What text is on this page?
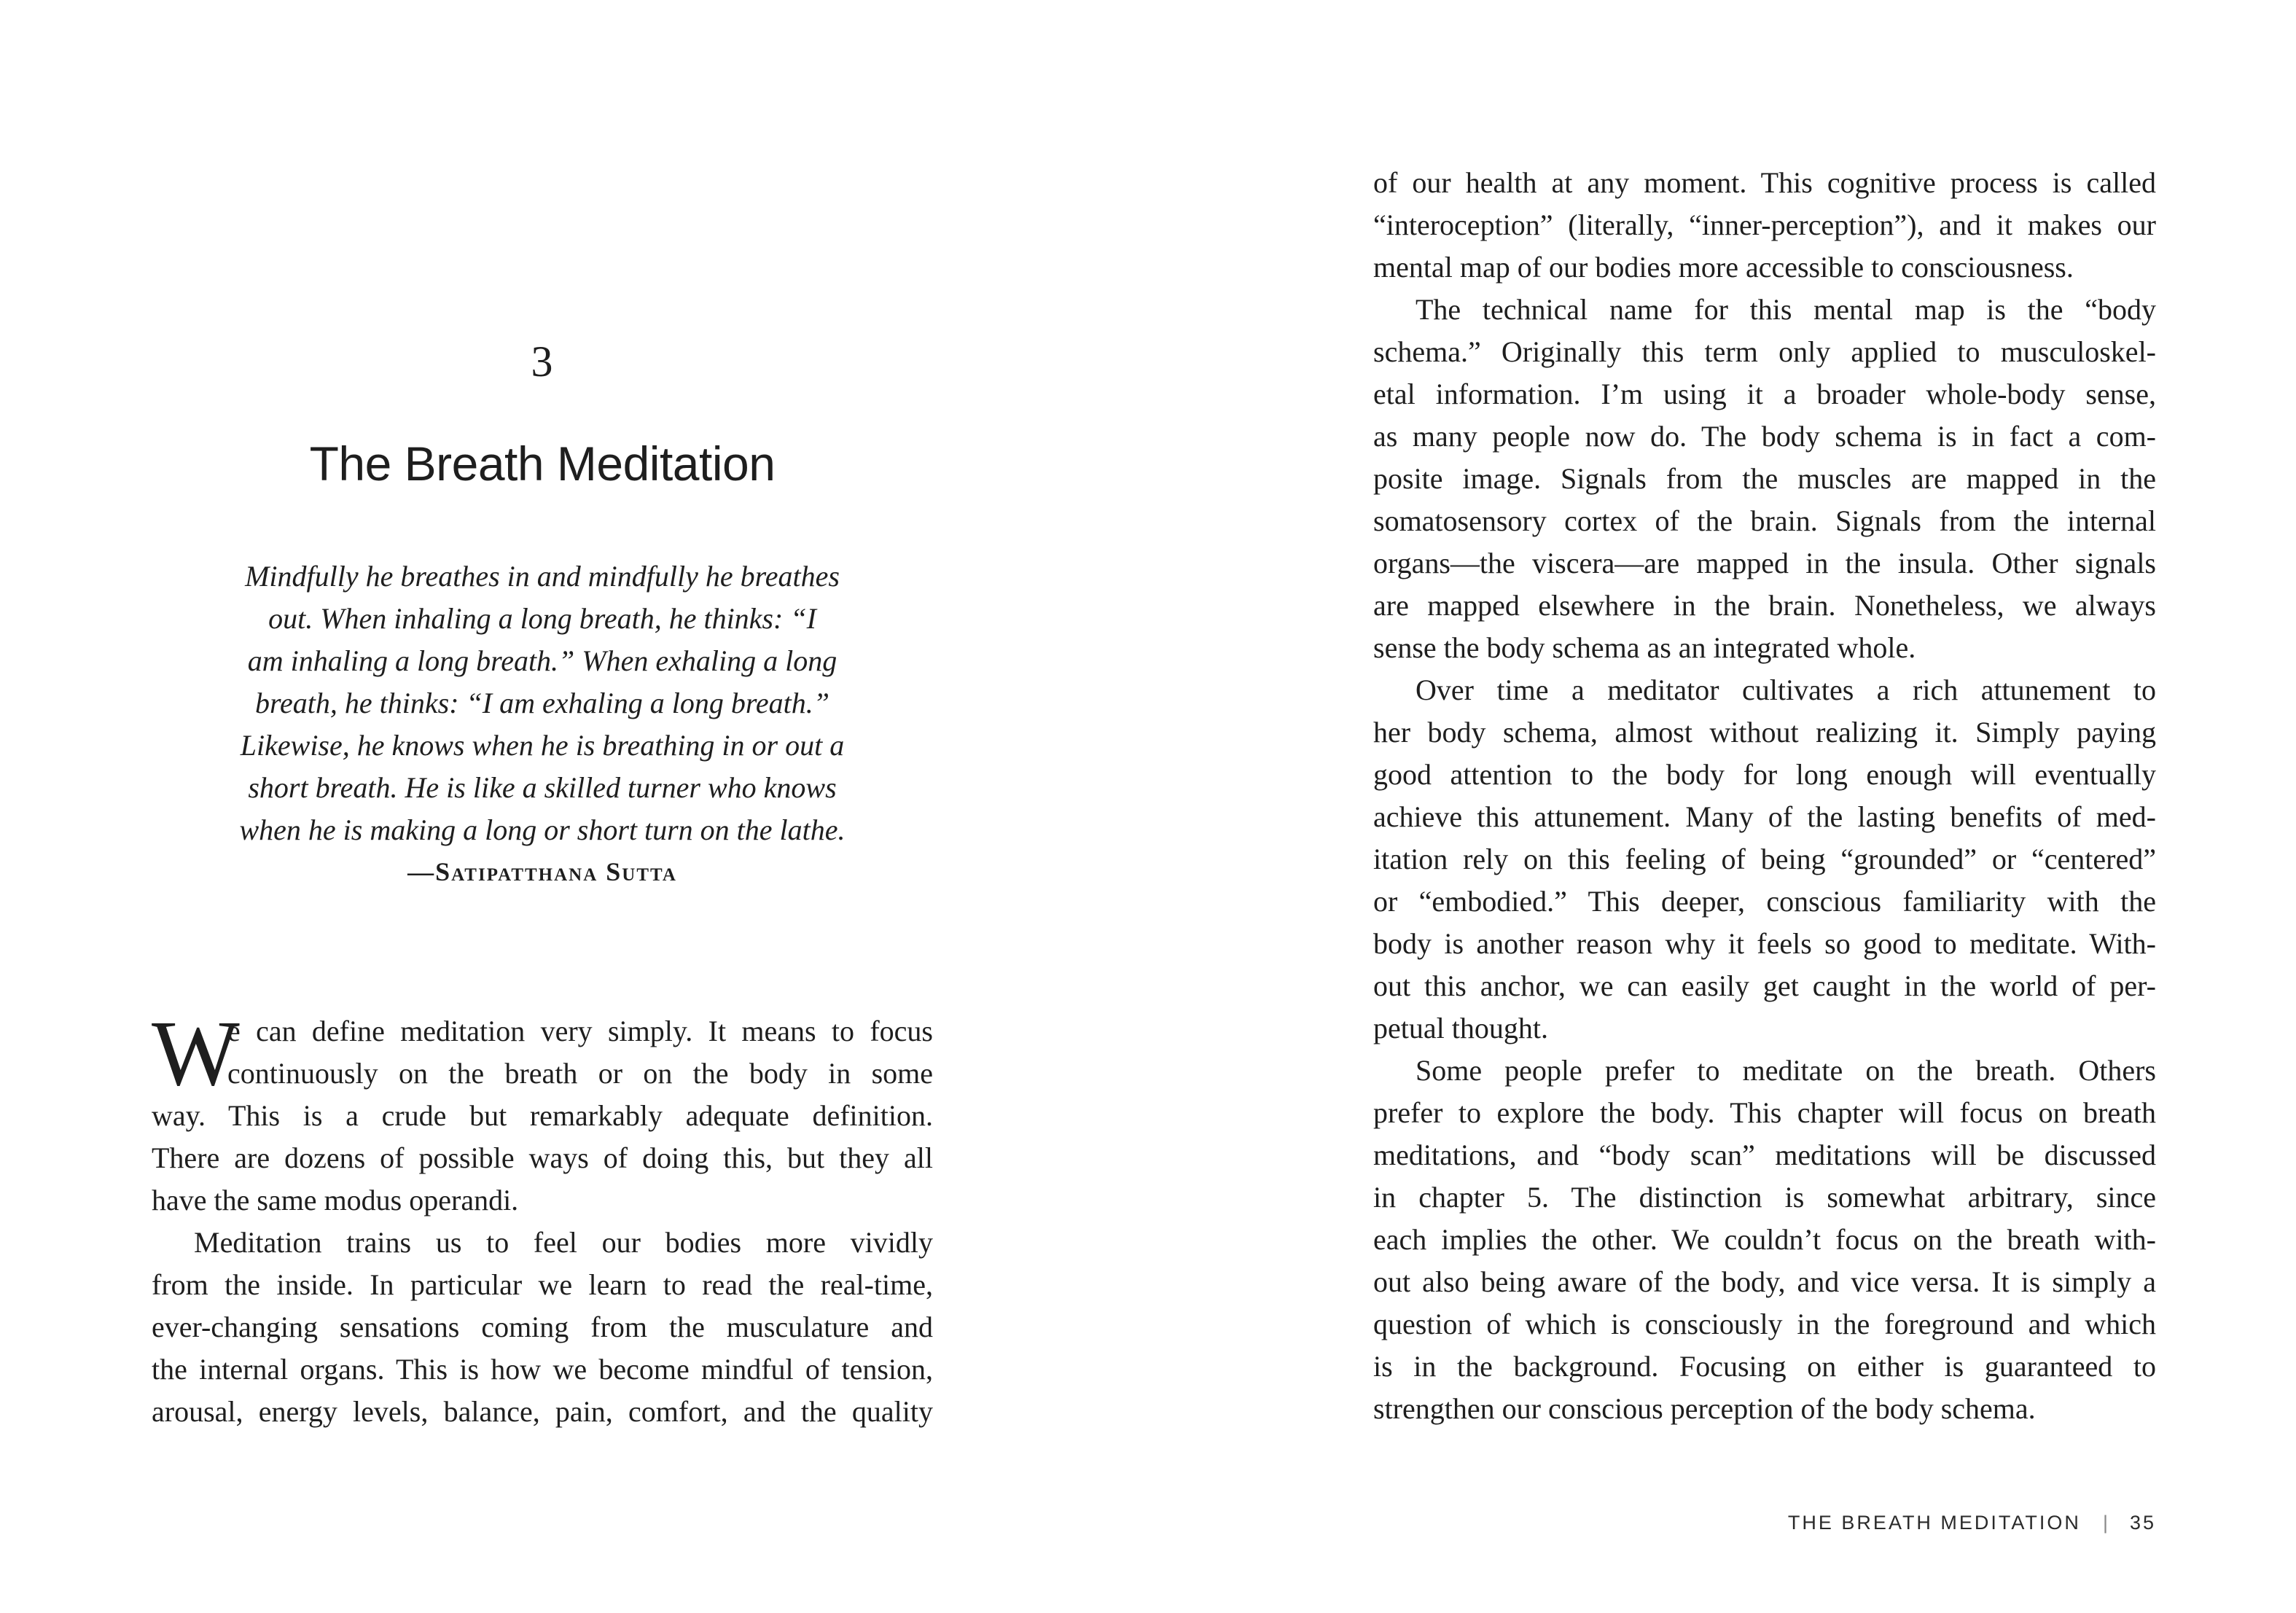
3
The Breath Meditation
Mindfully he breathes in and mindfully he breathes
out. When inhaling a long breath, he thinks: “I
am inhaling a long breath.” When exhaling a long
breath, he thinks: “I am exhaling a long breath.”
Likewise, he knows when he is breathing in or out a
short breath. He is like a skilled turner who knows
when he is making a long or short turn on the lathe.
—Satipatthana Sutta
W
e can define meditation very simply. It means to focus
continuously on the breath or on the body in some
way. This is a crude but remarkably adequate definition.
There are dozens of possible ways of doing this, but they all
have the same modus operandi.
Meditation trains us to feel our bodies more vividly
from the inside. In particular we learn to read the real-time,
ever-changing sensations coming from the musculature and
the internal organs. This is how we become mindful of tension,
arousal, energy levels, balance, pain, comfort, and the quality
of our health at any moment. This cognitive process is called
“interoception” (literally, “inner-perception”), and it makes our
mental map of our bodies more accessible to consciousness.
The technical name for this mental map is the “body
schema.” Originally this term only applied to musculoskel-
etal information. I’m using it a broader whole-body sense,
as many people now do. The body schema is in fact a com-
posite image. Signals from the muscles are mapped in the
somatosensory cortex of the brain. Signals from the internal
organs—the viscera—are mapped in the insula. Other signals
are mapped elsewhere in the brain. Nonetheless, we always
sense the body schema as an integrated whole.
Over time a meditator cultivates a rich attunement to
her body schema, almost without realizing it. Simply paying
good attention to the body for long enough will eventually
achieve this attunement. Many of the lasting benefits of med-
itation rely on this feeling of being “grounded” or “centered”
or “embodied.” This deeper, conscious familiarity with the
body is another reason why it feels so good to meditate. With-
out this anchor, we can easily get caught in the world of per-
petual thought.
Some people prefer to meditate on the breath. Others
prefer to explore the body. This chapter will focus on breath
meditations, and “body scan” meditations will be discussed
in chapter 5. The distinction is somewhat arbitrary, since
each implies the other. We couldn’t focus on the breath with-
out also being aware of the body, and vice versa. It is simply a
question of which is consciously in the foreground and which
is in the background. Focusing on either is guaranteed to
strengthen our conscious perception of the body schema.
THE BREATH MEDITATION | 35
